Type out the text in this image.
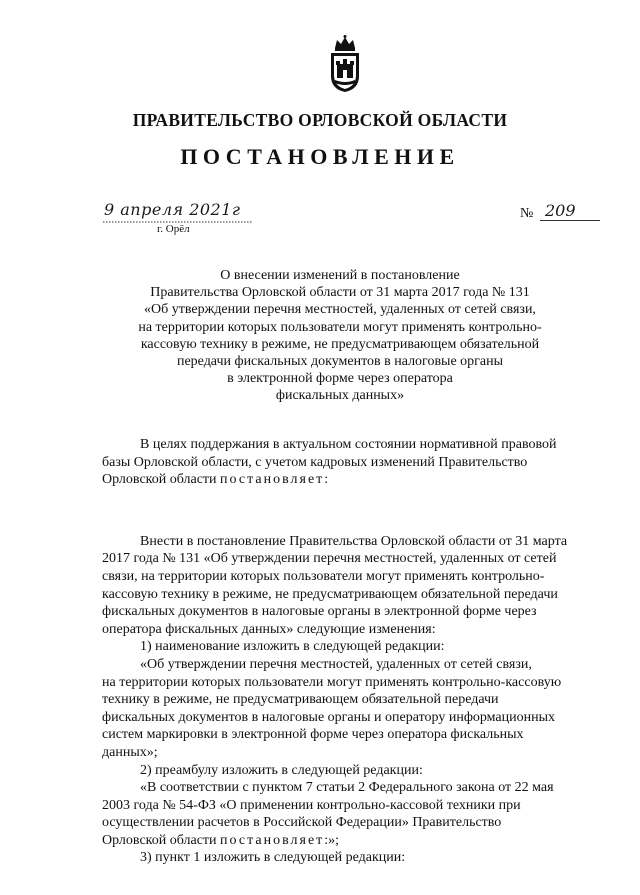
ПРАВИТЕЛЬСТВО ОРЛОВСКОЙ ОБЛАСТИ
ПОСТАНОВЛЕНИЕ
9 апреля 2021г
г. Орёл
№ 209
О внесении изменений в постановление
Правительства Орловской области от 31 марта 2017 года № 131
«Об утверждении перечня местностей, удаленных от сетей связи,
на территории которых пользователи могут применять контрольно-
кассовую технику в режиме, не предусматривающем обязательной
передачи фискальных документов в налоговые органы
в электронной форме через оператора
фискальных данных»
В целях поддержания в актуальном состоянии нормативной правовой
базы Орловской области, с учетом кадровых изменений Правительство
Орловской области постановляет :
Внести в постановление Правительства Орловской области от 31 марта
2017 года № 131 «Об утверждении перечня местностей, удаленных от сетей
связи, на территории которых пользователи могут применять контрольно-
кассовую технику в режиме, не предусматривающем обязательной передачи
фискальных документов в налоговые органы в электронной форме через
оператора фискальных данных» следующие изменения:
1) наименование изложить в следующей редакции:
«Об утверждении перечня местностей, удаленных от сетей связи,
на территории которых пользователи могут применять контрольно-кассовую
технику в режиме, не предусматривающем обязательной передачи
фискальных документов в налоговые органы и оператору информационных
систем маркировки в электронной форме через оператора фискальных
данных»;
2) преамбулу изложить в следующей редакции:
«В соответствии с пунктом 7 статьи 2 Федерального закона от 22 мая
2003 года № 54-ФЗ «О применении контрольно-кассовой техники при
осуществлении расчетов в Российской Федерации» Правительство
Орловской области постановляет :»;
3) пункт 1 изложить в следующей редакции:
